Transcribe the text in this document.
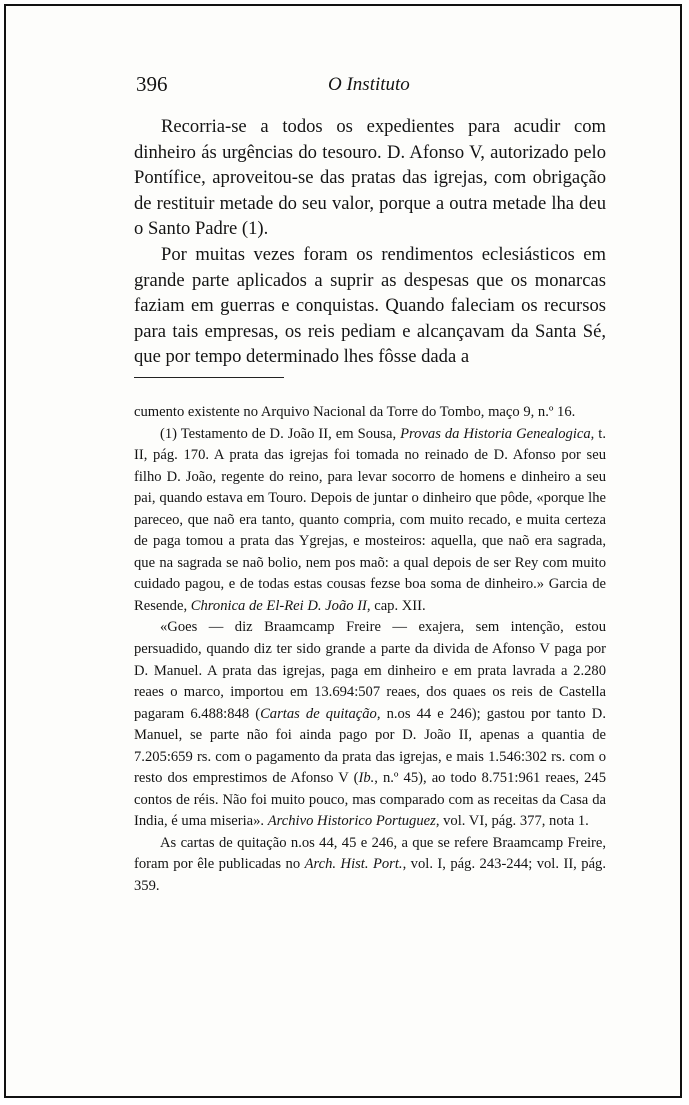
396	O Instituto

Recorria-se a todos os expedientes para acudir com dinheiro ás urgências do tesouro. D. Afonso V, autorizado pelo Pontífice, aproveitou-se das pratas das igrejas, com obrigação de restituir metade do seu valor, porque a outra metade lha deu o Santo Padre (1).

Por muitas vezes foram os rendimentos eclesiásticos em grande parte aplicados a suprir as despesas que os monarcas faziam em guerras e conquistas. Quando faleciam os recursos para tais empresas, os reis pediam e alcançavam da Santa Sé, que por tempo determinado lhes fôsse dada a

cumento existente no Arquivo Nacional da Torre do Tombo, maço 9, n.º 16.

(1) Testamento de D. João II, em Sousa, Provas da Historia Genealogica, t. II, pág. 170. A prata das igrejas foi tomada no reinado de D. Afonso por seu filho D. João, regente do reino, para levar socorro de homens e dinheiro a seu pai, quando estava em Touro. Depois de juntar o dinheiro que pôde, «porque lhe pareceo, que naõ era tanto, quanto compria, com muito recado, e muita certeza de paga tomou a prata das Ygrejas, e mosteiros: aquella, que naõ era sagrada, que na sagrada se naõ bolio, nem pos maõ: a qual depois de ser Rey com muito cuidado pagou, e de todas estas cousas fezse boa soma de dinheiro.» Garcia de Resende, Chronica de El-Rei D. João II, cap. XII.

«Goes — diz Braamcamp Freire — exajera, sem intenção, estou persuadido, quando diz ter sido grande a parte da divida de Afonso V paga por D. Manuel. A prata das igrejas, paga em dinheiro e em prata lavrada a 2.280 reaes o marco, importou em 13.694:507 reaes, dos quaes os reis de Castella pagaram 6.488:848 (Cartas de quitação, n.os 44 e 246); gastou por tanto D. Manuel, se parte não foi ainda pago por D. João II, apenas a quantia de 7.205:659 rs. com o pagamento da prata das igrejas, e mais 1.546:302 rs. com o resto dos emprestimos de Afonso V (Ib., n.º 45), ao todo 8.751:961 reaes, 245 contos de réis. Não foi muito pouco, mas comparado com as receitas da Casa da India, é uma miseria». Archivo Historico Portuguez, vol. VI, pág. 377, nota 1.

As cartas de quitação n.os 44, 45 e 246, a que se refere Braamcamp Freire, foram por êle publicadas no Arch. Hist. Port., vol. I, pág. 243-244; vol. II, pág. 359.
